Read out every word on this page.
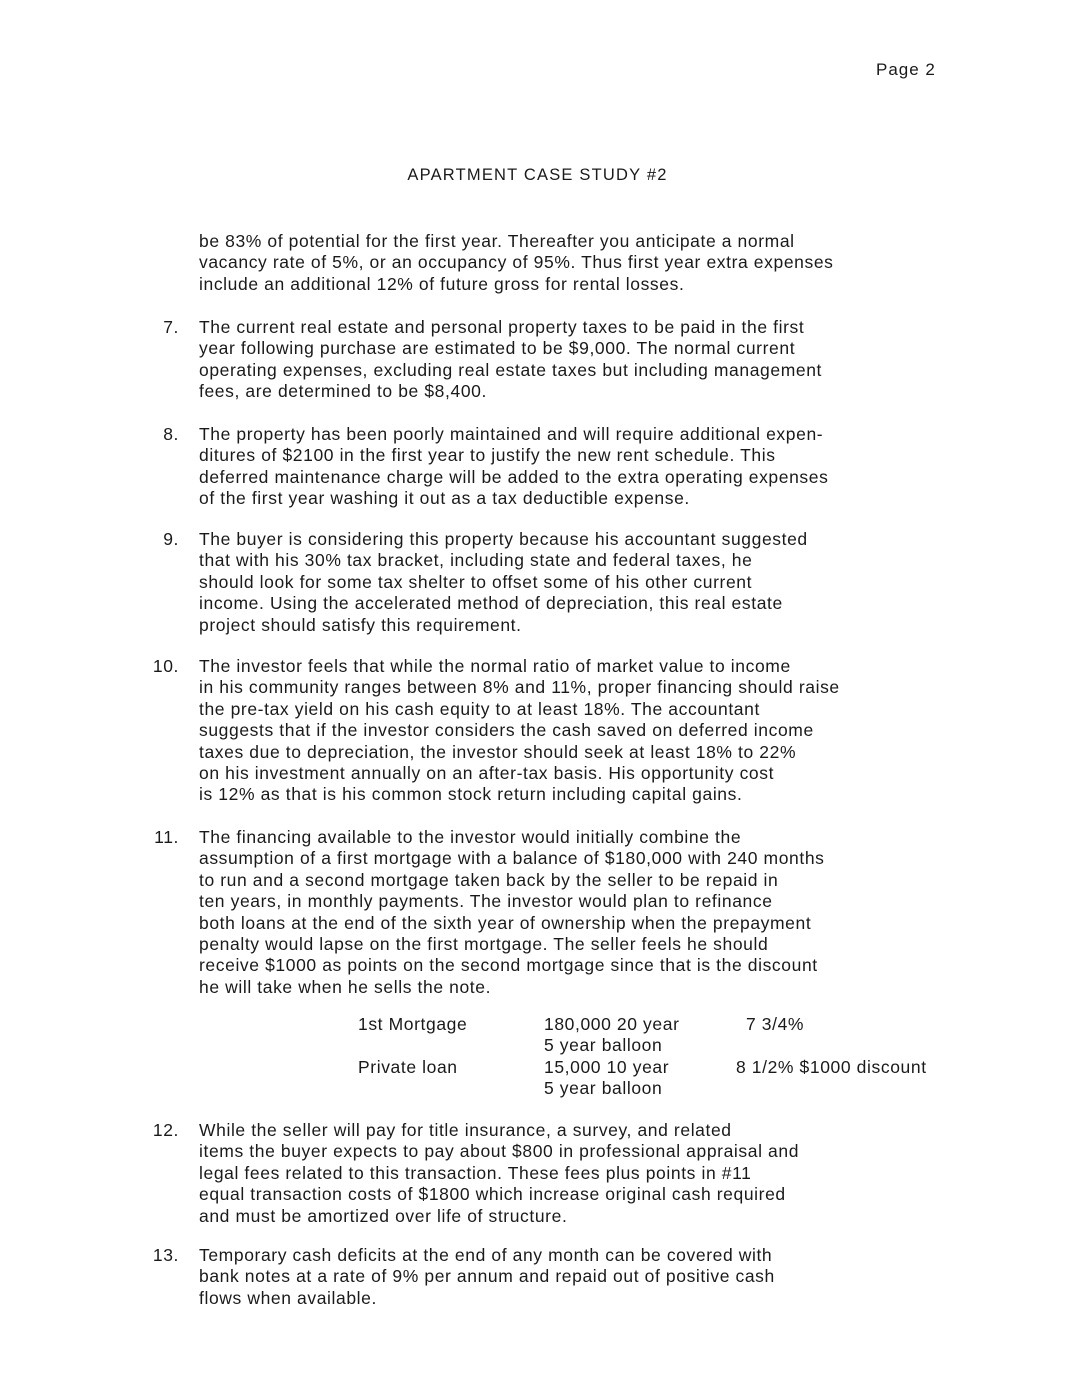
Page 2
APARTMENT CASE STUDY #2
be 83% of potential for the first year. Thereafter you anticipate a normal
vacancy rate of 5%, or an occupancy of 95%. Thus first year extra expenses
include an additional 12% of future gross for rental losses.
7. The current real estate and personal property taxes to be paid in the first
year following purchase are estimated to be $9,000. The normal current
operating expenses, excluding real estate taxes but including management
fees, are determined to be $8,400.
8. The property has been poorly maintained and will require additional expen-
ditures of $2100 in the first year to justify the new rent schedule. This
deferred maintenance charge will be added to the extra operating expenses
of the first year washing it out as a tax deductible expense.
9. The buyer is considering this property because his accountant suggested
that with his 30% tax bracket, including state and federal taxes, he
should look for some tax shelter to offset some of his other current
income. Using the accelerated method of depreciation, this real estate
project should satisfy this requirement.
10. The investor feels that while the normal ratio of market value to income
in his community ranges between 8% and 11%, proper financing should raise
the pre-tax yield on his cash equity to at least 18%. The accountant
suggests that if the investor considers the cash saved on deferred income
taxes due to depreciation, the investor should seek at least 18% to 22%
on his investment annually on an after-tax basis. His opportunity cost
is 12% as that is his common stock return including capital gains.
11. The financing available to the investor would initially combine the
assumption of a first mortgage with a balance of $180,000 with 240 months
to run and a second mortgage taken back by the seller to be repaid in
ten years, in monthly payments. The investor would plan to refinance
both loans at the end of the sixth year of ownership when the prepayment
penalty would lapse on the first mortgage. The seller feels he should
receive $1000 as points on the second mortgage since that is the discount
he will take when he sells the note.
1st Mortgage	180,000 20 year
5 year balloon
7 3/4%
Private loan	15,000 10 year
5 year balloon
8 1/2% $1000 discount
12. While the seller will pay for title insurance, a survey, and related
items the buyer expects to pay about $800 in professional appraisal and
legal fees related to this transaction. These fees plus points in #11
equal transaction costs of $1800 which increase original cash required
and must be amortized over life of structure.
13. Temporary cash deficits at the end of any month can be covered with
bank notes at a rate of 9% per annum and repaid out of positive cash
flows when available.
